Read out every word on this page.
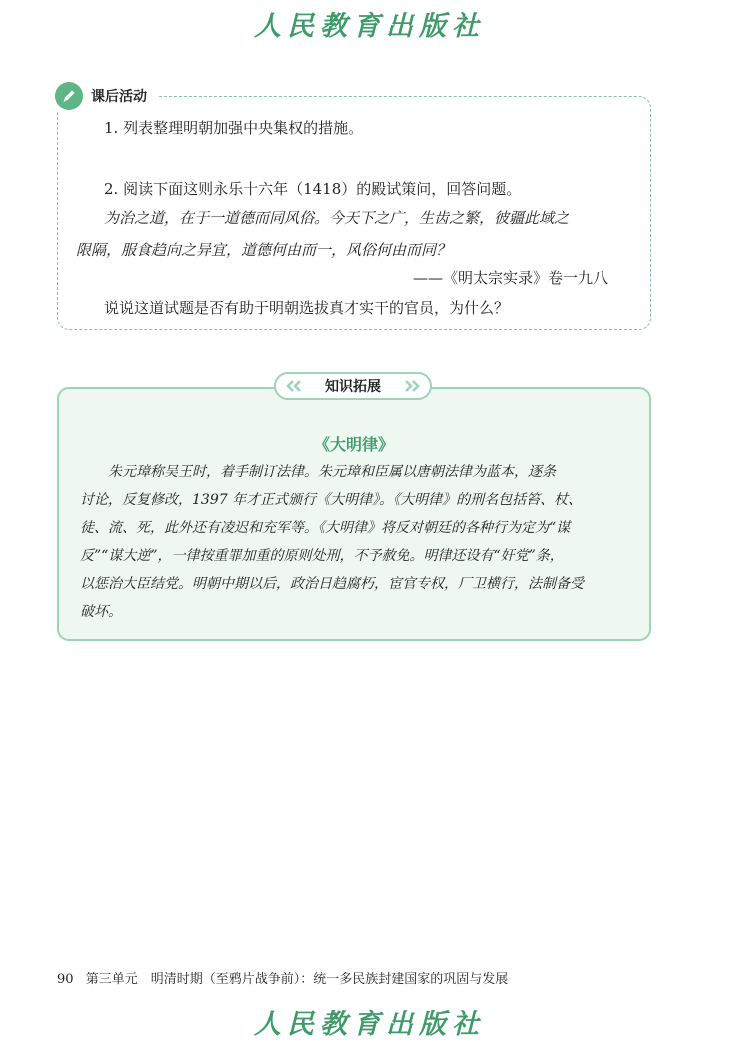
人民教育出版社
课后活动
1. 列表整理明朝加强中央集权的措施。
2. 阅读下面这则永乐十六年（1418）的殿试策问，回答问题。
为治之道，在于一道德而同风俗。今天下之广，生齿之繁，彼疆此域之
限隔，服食趋向之异宜，道德何由而一，风俗何由而同？
——《明太宗实录》卷一九八
说说这道试题是否有助于明朝选拔真才实干的官员，为什么？
知识拓展
《大明律》
朱元璋称吴王时，着手制订法律。朱元璋和臣属以唐朝法律为蓝本，逐条
讨论，反复修改，1397 年才正式颁行《大明律》。《大明律》的刑名包括笞、杖、
徒、流、死，此外还有凌迟和充军等。《大明律》将反对朝廷的各种行为定为“谋
反”“谋大逆”，一律按重罪加重的原则处刑，不予赦免。明律还设有“奸党”条，
以惩治大臣结党。明朝中期以后，政治日趋腐朽，宦官专权，厂卫横行，法制备受
破坏。
90 第三单元　明清时期（至鸦片战争前）：统一多民族封建国家的巩固与发展
人民教育出版社
